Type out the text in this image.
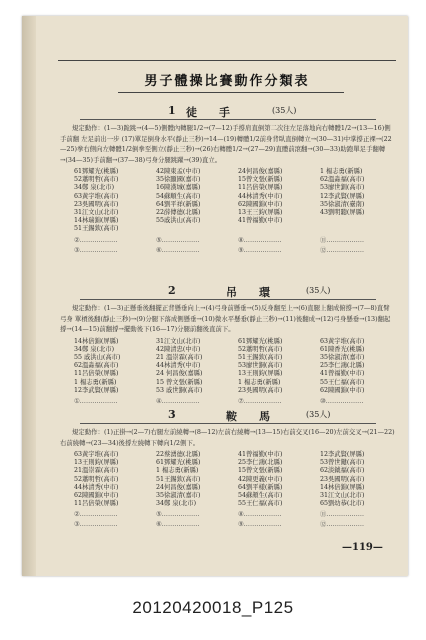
男子體操比賽動作分類表
1 徒　　手	(35人)
規定動作：(1—3)跪跳→(4—5)側體內轉腿1/2→(7—12)手撐肩直倒第二次往左足落地向右轉體1/2→(13—16)側手前翻 左足前出一步 (17)單足倒身水平(靜止三秒)→14—(19)轉體1/2前身背臥直倒轉立→(30—31)中掌撐正裸→(22—25)拳右側向左轉體1/2倒拳至側立(靜止三秒)→(26)右轉體1/2→(27—29)直體前滾翻→(30—33)助跑單足手翻轉→(34—35)手前翻→(37—38)弓身分腿跳躍→(39)直立。
61鄧耀光(桃縣)	42陳東孟(中市)	24何昌俊(嘉縣)	1 楊志勇(新縣)
52蕭明哲(高市)	35徐顯國(嘉市)	15曾文張(新縣)	62溫淼福(高市)
34鄭 泉(北市)	16陳漢城(嘉縣)	11呂倍榮(屏縣)	53廖世釧(高市)
63黃宇堆(高市)	54蘇順生(高市)	44林清秀(中市)	12李武賢(屏縣)
23吳國明(高市)	64劉平祥(新縣)	62陳國錦(中市)	35徐淑清(臺南)
31江文山(北市)	22薛傳德(北縣)	13王三鈞(屏縣)	43劉明聽(屏縣)
14林瑞錦(屏縣)	55戚洪山(高市)	41曾福勤(中市)
51王錫欽(高市)
②………………	⑤………………	⑧………………	⑪………………
③………………	⑥………………	⑨………………	⑫………………
2	吊　　環	(35人)
規定動作：(1—3)正懸垂後翻擺正背懸垂向上→(4)弓身前懸垂→(5)反身翻至上→(6)直腿上翻成俯撐→(7—8)直臂弓身 單槓後翻(靜止三秒)→(9)分腿下落成側懸垂→(10)微水平懸垂(靜止三秒)→(11)後翻成→(12)弓身懸垂→(13)翻起撐→(14—15)前翻撐→擺動後下(16—17)分腿前翻後直前下。
14林倍錦(屏縣)	31江文山(北市)	61鄧耀光(桃縣)	63黃宇堆(高市)
34鄭 泉(北市)	42陳清忠(中市)	52蕭明哲(高市)	61陳香光(桃縣)
55 戚洪山(高市)	21 溫崇霖(高市)	51王錫欽(高市)	35徐淑清(嘉市)
62溫淼福(高市)	44林清秀(中市)	53廖世銅(高市)	25李仁鴻(北縣)
11呂倍榮(屏縣)	24 何昌俊(嘉縣)	13王則鈞(屏縣)	41曾福勤(中市)
1 楊志勇(新縣)	15 曾文張(新縣)	1 楊志勇(新縣)	55王仁福(高市)
12李武賢(屏縣)	53 戚世銅(高市)	23吳國明(高市)	62陳國錦(中市)
①………………	④………………	⑦………………	⑩………………
3	鞍　　馬	(35人)
規定動作：(1)正掛→(2—7)右腿左前繞轉→(8—12)左前右繞轉→(13—15)右前交叉(16—20)左前交叉→(21—22)右前繞轉→(23—34)後撐左繞轉下轉向1/2側下。
63黃宇堆(高市)	22蔡湧德(北縣)	41曾福勤(中市)	12李武賢(屏縣)
13王則鈞(屏縣)	61鄧耀光(桃縣)	25李仁鴻(北縣)	53曾世鍵(高市)
21溫崇霖(高市)	1 楊志勇(新縣)	15曾文張(新縣)	62淡鉞福(高市)
52蕭明哲(高市)	51王錫欽(高市)	42陳更義(中市)	23吳國明(高市)
44林清秀(中市)	24何昌俊(嘉縣)	64劉平樣(新縣)	14林倍錦(屏縣)
62陳國錦(中市)	35徐淑清(嘉市)	54蘇顏生(高市)	31江文山(北市)
11呂倍榮(屏縣)	34鄭 泉(北市)	55王仁福(高市)	65劉幼恭(北市)
②………………	⑤………………	⑧………………	⑪………………
③………………	⑥………………	⑨………………	⑫………………
—119—
20120420018_P125
